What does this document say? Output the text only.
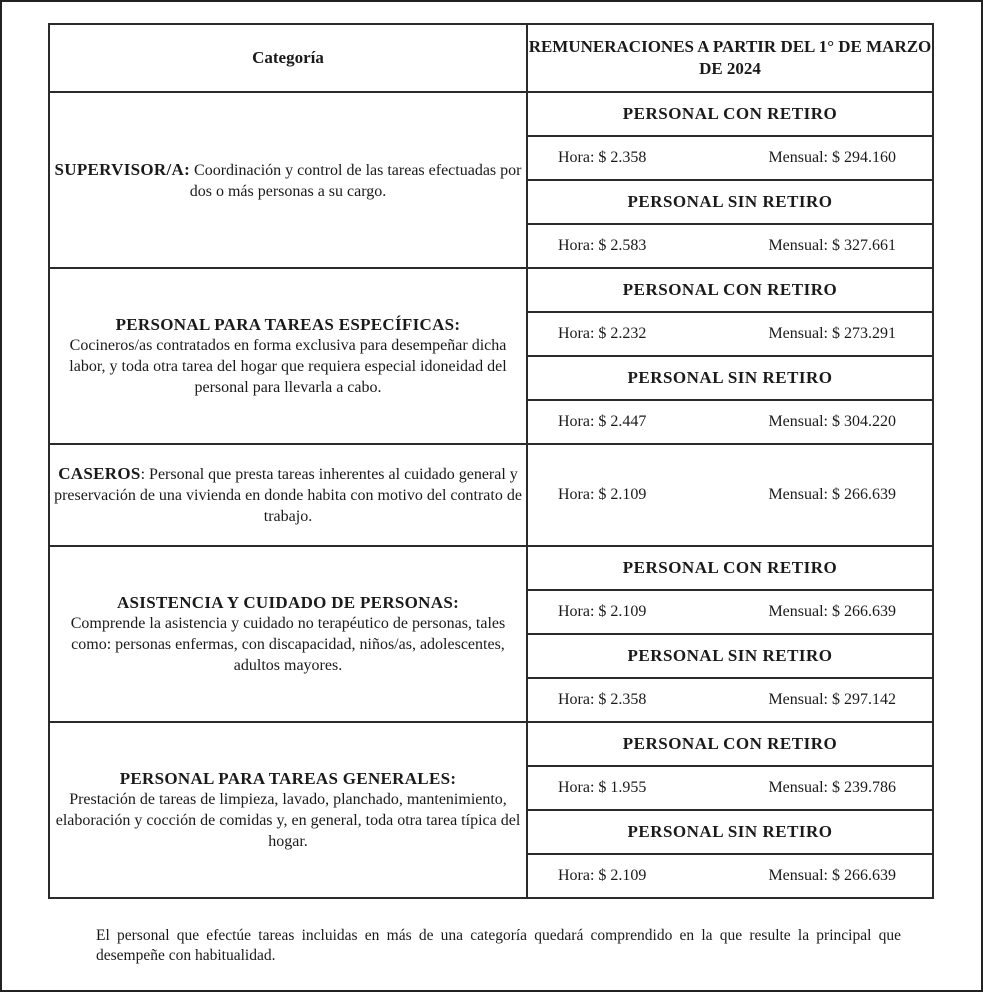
Categoría	REMUNERACIONES A PARTIR DEL 1° DE MARZO DE 2024
SUPERVISOR/A: Coordinación y control de las tareas efectuadas por dos o más personas a su cargo.	PERSONAL CON RETIRO

	Hora: $ 2.358 Mensual: $ 294.160

	PERSONAL SIN RETIRO

	Hora: $ 2.583 Mensual: $ 327.661

PERSONAL PARA TAREAS ESPECÍFICAS:
Cocineros/as contratados en forma exclusiva para desempeñar dicha labor, y toda otra tarea del hogar que requiera especial idoneidad del personal para llevarla a cabo.	PERSONAL CON RETIRO

	Hora: $ 2.232 Mensual: $ 273.291

	PERSONAL SIN RETIRO

	Hora: $ 2.447 Mensual: $ 304.220

CASEROS: Personal que presta tareas inherentes al cuidado general y preservación de una vivienda en donde habita con motivo del contrato de trabajo.	Hora: $ 2.109 Mensual: $ 266.639

ASISTENCIA Y CUIDADO DE PERSONAS:
Comprende la asistencia y cuidado no terapéutico de personas, tales como: personas enfermas, con discapacidad, niños/as, adolescentes, adultos mayores.	PERSONAL CON RETIRO

	Hora: $ 2.109 Mensual: $ 266.639

	PERSONAL SIN RETIRO

	Hora: $ 2.358 Mensual: $ 297.142

PERSONAL PARA TAREAS GENERALES:
Prestación de tareas de limpieza, lavado, planchado, mantenimiento, elaboración y cocción de comidas y, en general, toda otra tarea típica del hogar.	PERSONAL CON RETIRO

	Hora: $ 1.955 Mensual: $ 239.786

	PERSONAL SIN RETIRO

	Hora: $ 2.109 Mensual: $ 266.639
El personal que efectúe tareas incluidas en más de una categoría quedará comprendido en la que resulte la principal que desempeñe con habitualidad.
